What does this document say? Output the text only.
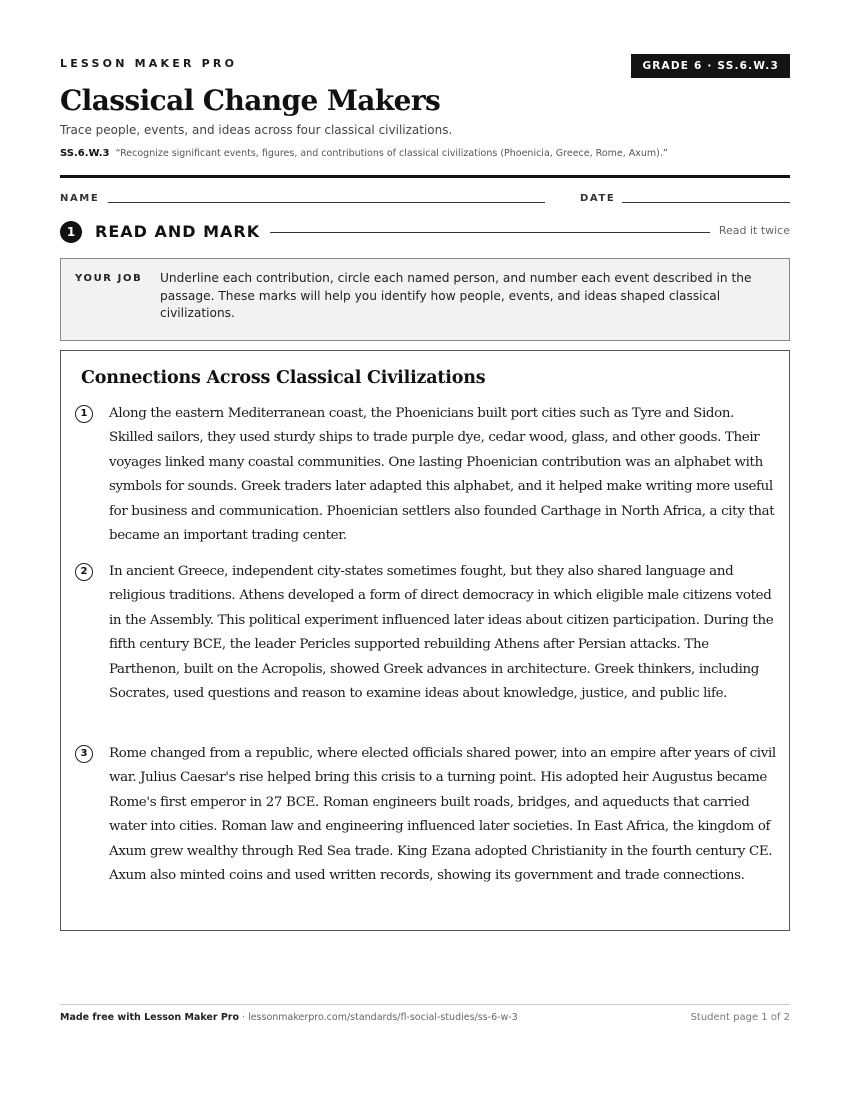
LESSON MAKER PRO	GRADE 6 · SS.6.W.3
Classical Change Makers
Trace people, events, and ideas across four classical civilizations.
SS.6.W.3 “Recognize significant events, figures, and contributions of classical civilizations (Phoenicia, Greece, Rome, Axum).”
NAME	DATE
1	READ AND MARK	Read it twice
YOUR JOB Underline each contribution, circle each named person, and number each event described in the passage. These marks will help you identify how people, events, and ideas shaped classical civilizations.
Connections Across Classical Civilizations
1	Along the eastern Mediterranean coast, the Phoenicians built port cities such as Tyre and Sidon. Skilled sailors, they used sturdy ships to trade purple dye, cedar wood, glass, and other goods. Their voyages linked many coastal communities. One lasting Phoenician contribution was an alphabet with symbols for sounds. Greek traders later adapted this alphabet, and it helped make writing more useful for business and communication. Phoenician settlers also founded Carthage in North Africa, a city that became an important trading center.
2	In ancient Greece, independent city-states sometimes fought, but they also shared language and religious traditions. Athens developed a form of direct democracy in which eligible male citizens voted in the Assembly. This political experiment influenced later ideas about citizen participation. During the fifth century BCE, the leader Pericles supported rebuilding Athens after Persian attacks. The Parthenon, built on the Acropolis, showed Greek advances in architecture. Greek thinkers, including Socrates, used questions and reason to examine ideas about knowledge, justice, and public life.
3	Rome changed from a republic, where elected officials shared power, into an empire after years of civil war. Julius Caesar's rise helped bring this crisis to a turning point. His adopted heir Augustus became Rome's first emperor in 27 BCE. Roman engineers built roads, bridges, and aqueducts that carried water into cities. Roman law and engineering influenced later societies. In East Africa, the kingdom of Axum grew wealthy through Red Sea trade. King Ezana adopted Christianity in the fourth century CE. Axum also minted coins and used written records, showing its government and trade connections.
Made free with Lesson Maker Pro · lessonmakerpro.com/standards/fl-social-studies/ss-6-w-3	Student page 1 of 2
